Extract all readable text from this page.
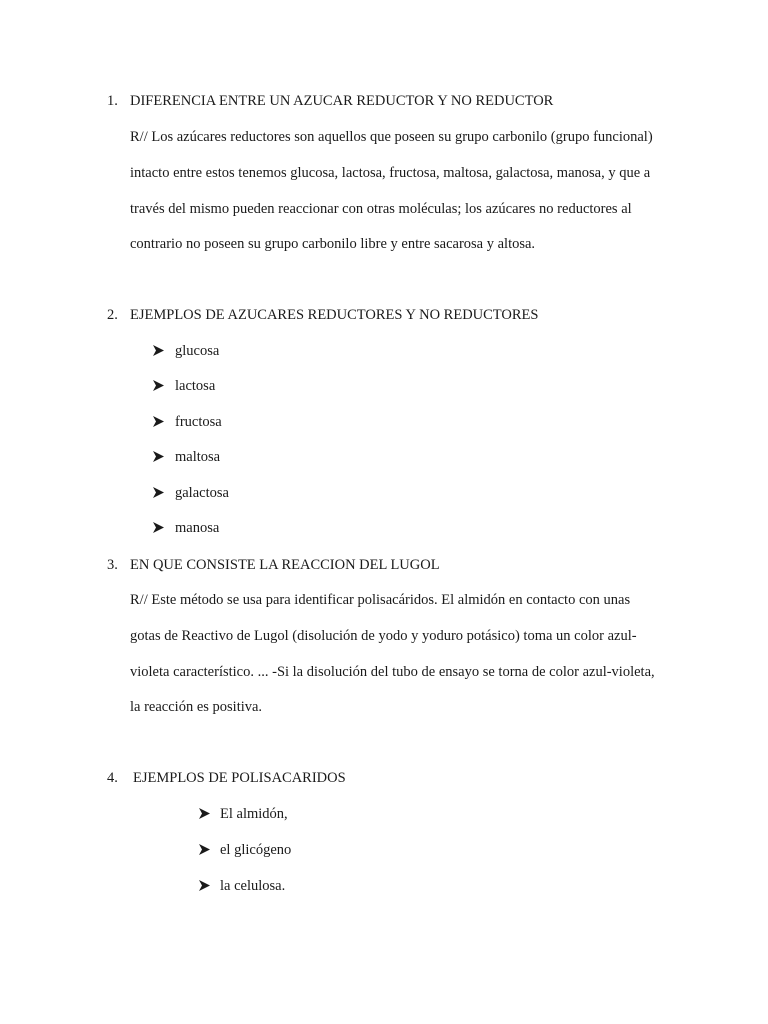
1. DIFERENCIA ENTRE UN AZUCAR REDUCTOR Y NO REDUCTOR
R// Los azúcares reductores son aquellos que poseen su grupo carbonilo (grupo funcional)
intacto entre estos tenemos glucosa, lactosa, fructosa, maltosa, galactosa, manosa, y que a
través del mismo pueden reaccionar con otras moléculas; los azúcares no reductores al
contrario no poseen su grupo carbonilo libre y entre sacarosa y altosa.
2. EJEMPLOS DE AZUCARES REDUCTORES Y NO REDUCTORES
glucosa
lactosa
fructosa
maltosa
galactosa
manosa
3. EN QUE CONSISTE LA REACCION DEL LUGOL
R// Este método se usa para identificar polisacáridos. El almidón en contacto con unas
gotas de Reactivo de Lugol (disolución de yodo y yoduro potásico) toma un color azul-
violeta característico. ... -Si la disolución del tubo de ensayo se torna de color azul-violeta,
la reacción es positiva.
4. EJEMPLOS DE POLISACARIDOS
El almidón,
el glicógeno
la celulosa.
